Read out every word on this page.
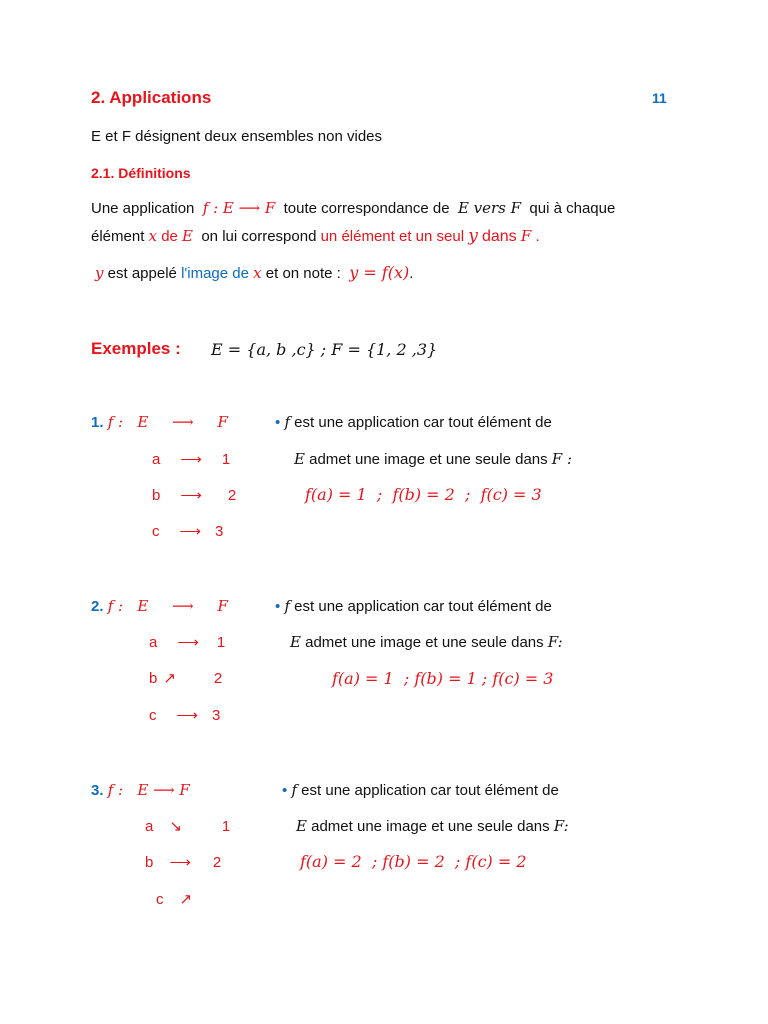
2. Applications	11
E et F désignent deux ensembles non vides
2.1. Définitions
Une application f : E ⟶ F toute correspondance de E vers F qui à chaque
élément x de E on lui correspond un élément et un seul y dans F .
y est appelé l'image de x et on note : y = f(x).
Exemples : E = {a, b ,c} ; F = {1, 2 ,3}
1. f :   E     ⟶     F
a ⟶ 1
b ⟶ 2
c ⟶ 3
• f est une application car tout élément de
E admet une image et une seule dans F :
f(a) = 1  ;  f(b) = 2  ;  f(c) = 3
2. f :   E     ⟶     F
a ⟶ 1
b ↗	2
c ⟶ 3
• f est une application car tout élément de
E admet une image et une seule dans F:
f(a) = 1  ; f(b) = 1 ; f(c) = 3
3. f :   E ⟶ F
a ↘	1
b ⟶ 2
c ↗
• f est une application car tout élément de
E admet une image et une seule dans F:
f(a) = 2  ; f(b) = 2  ; f(c) = 2
